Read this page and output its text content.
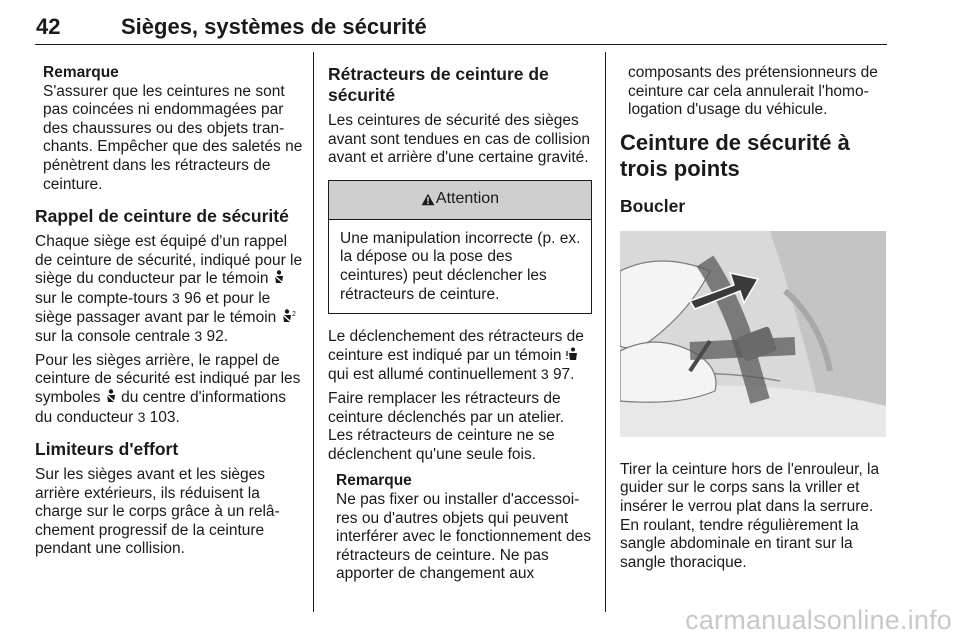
42	Sièges, systèmes de sécurité
Remarque
S'assurer que les ceintures ne sont pas coincées ni endommagées par des chaussures ou des objets tranchants. Empêcher que des saletés ne pénètrent dans les rétracteurs de ceinture.
Rappel de ceinture de sécurité

Chaque siège est équipé d'un rappel de ceinture de sécurité, indiqué pour le siège du conducteur par le témoin  sur le compte-tours 3 96 et pour le siège passager avant par le témoin 2
sur la console centrale 3 92.

Pour les sièges arrière, le rappel de ceinture de sécurité est indiqué par les symboles du centre d'informations du conducteur 3 103.

Limiteurs d'effort

Sur les sièges avant et les sièges arrière extérieurs, ils réduisent la charge sur le corps grâce à un relâchement progressif de la ceinture pendant une collision.

Rétracteurs de ceinture de sécurité

Les ceintures de sécurité des sièges avant sont tendues en cas de collision avant et arrière d'une certaine gravité.

Attention
Une manipulation incorrecte (p. ex. la dépose ou la pose des ceintures) peut déclencher les rétracteurs de ceinture.

Le déclenchement des rétracteurs de ceinture est indiqué par un témoin  qui est allumé continuellement 3 97.

Faire remplacer les rétracteurs de ceinture déclenchés par un atelier. Les rétracteurs de ceinture ne se déclenchent qu'une seule fois.

Remarque
Ne pas fixer ou installer d'accessoires ou d'autres objets qui peuvent interférer avec le fonctionnement des rétracteurs de ceinture. Ne pas apporter de changement aux
composants des prétensionneurs de ceinture car cela annulerait l'homologation d'usage du véhicule.
Ceinture de sécurité à trois points
Boucler

Tirer la ceinture hors de l'enrouleur, la guider sur le corps sans la vriller et insérer le verrou plat dans la serrure. En roulant, tendre régulièrement la sangle abdominale en tirant sur la sangle thoracique.

carmanualsonline.info
